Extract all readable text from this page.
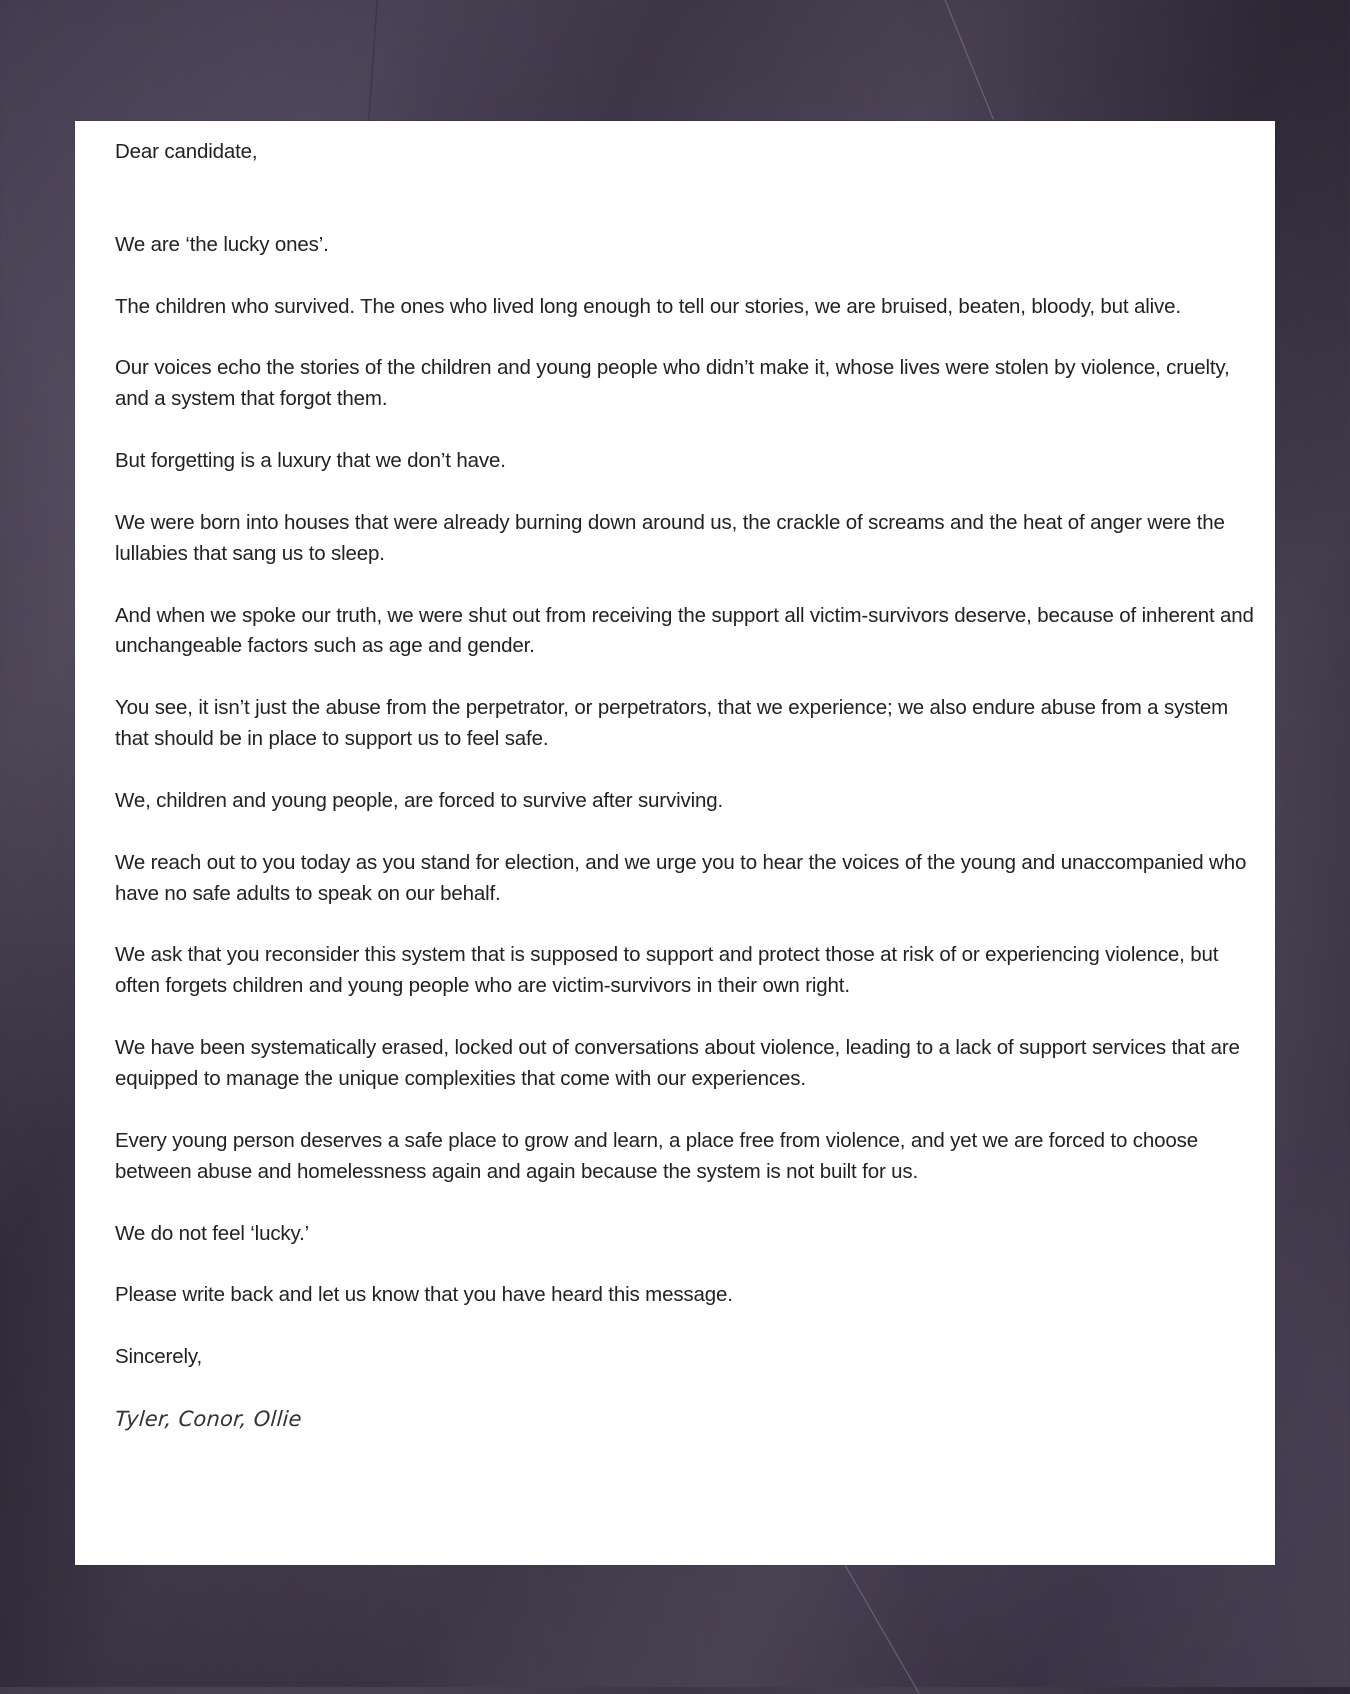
Dear candidate,

We are ‘the lucky ones’.

The children who survived. The ones who lived long enough to tell our stories, we are bruised, beaten, bloody, but alive.

Our voices echo the stories of the children and young people who didn’t make it, whose lives were stolen by violence, cruelty, and a system that forgot them.

But forgetting is a luxury that we don’t have.

We were born into houses that were already burning down around us, the crackle of screams and the heat of anger were the lullabies that sang us to sleep.

And when we spoke our truth, we were shut out from receiving the support all victim-survivors deserve, because of inherent and unchangeable factors such as age and gender.

You see, it isn’t just the abuse from the perpetrator, or perpetrators, that we experience; we also endure abuse from a system that should be in place to support us to feel safe.

We, children and young people, are forced to survive after surviving.

We reach out to you today as you stand for election, and we urge you to hear the voices of the young and unaccompanied who have no safe adults to speak on our behalf.

We ask that you reconsider this system that is supposed to support and protect those at risk of or experiencing violence, but often forgets children and young people who are victim-survivors in their own right.

We have been systematically erased, locked out of conversations about violence, leading to a lack of support services that are equipped to manage the unique complexities that come with our experiences.

Every young person deserves a safe place to grow and learn, a place free from violence, and yet we are forced to choose between abuse and homelessness again and again because the system is not built for us.

We do not feel ‘lucky.’

Please write back and let us know that you have heard this message.

Sincerely,

Tyler, Conor, Ollie
